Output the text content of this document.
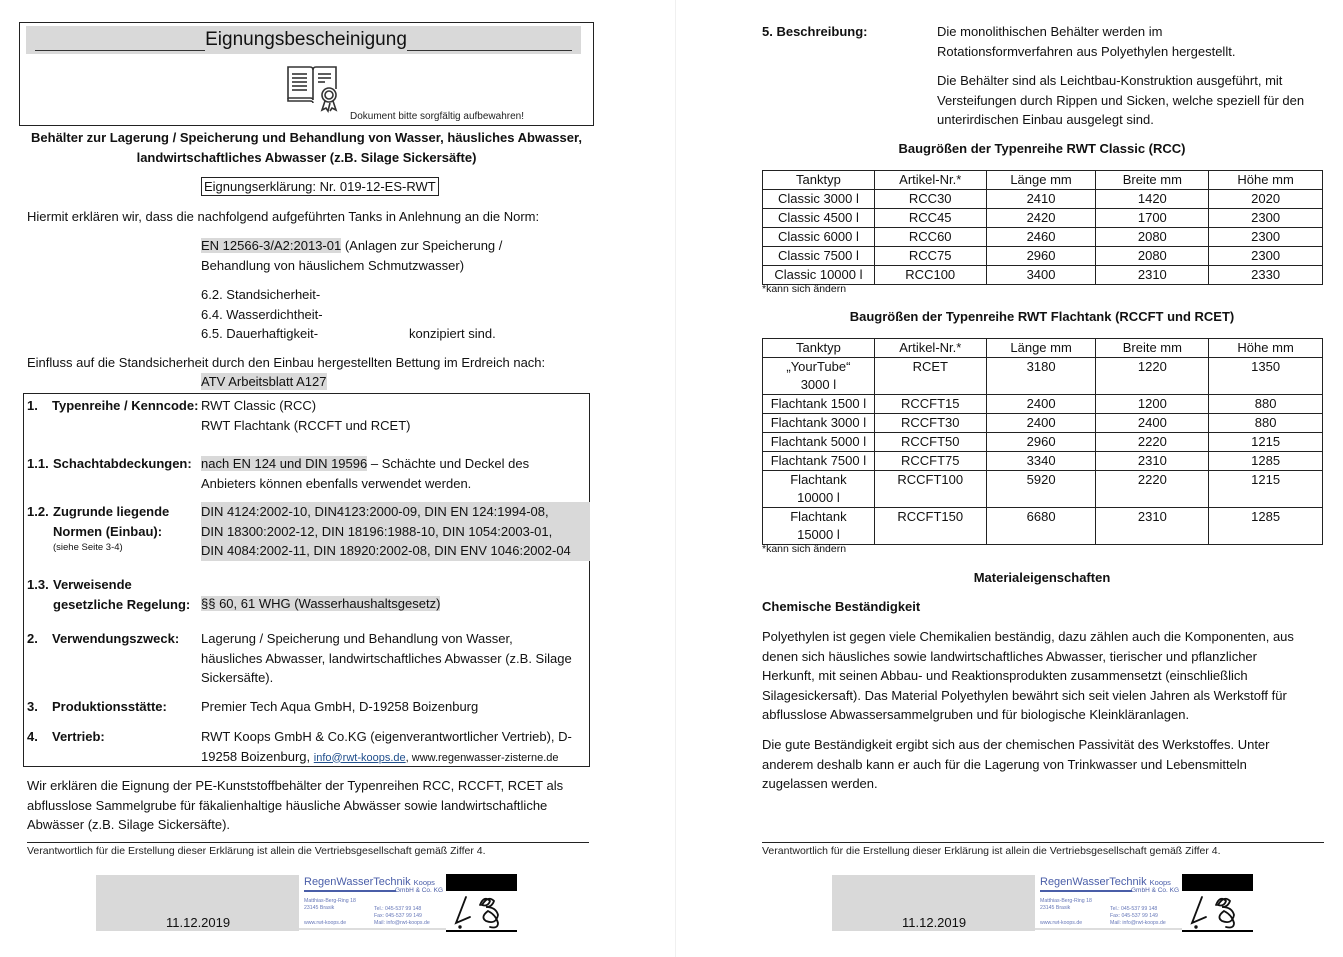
Eignungsbescheinigung
Dokument bitte sorgfältig aufbewahren!
Behälter zur Lagerung / Speicherung und Behandlung von Wasser, häusliches Abwasser,
landwirtschaftliches Abwasser (z.B. Silage Sickersäfte)
Eignungserklärung: Nr. 019-12-ES-RWT
Hiermit erklären wir, dass die nachfolgend aufgeführten Tanks in Anlehnung an die Norm:
EN 12566-3/A2:2013-01 (Anlagen zur Speicherung /
Behandlung von häuslichem Schmutzwasser)
6.2. Standsicherheit-
6.4. Wasserdichtheit-
6.5. Dauerhaftigkeit-	konzipiert sind.
Einfluss auf die Standsicherheit durch den Einbau hergestellten Bettung im Erdreich nach:
ATV Arbeitsblatt A127
1. Typenreihe / Kenncode: RWT Classic (RCC)
RWT Flachtank (RCCFT und RCET)
1.1. Schachtabdeckungen: nach EN 124 und DIN 19596 – Schächte und Deckel des
Anbieters können ebenfalls verwendet werden.
1.2. Zugrunde liegende
Normen (Einbau):
(siehe Seite 3-4)
DIN 4124:2002-10, DIN4123:2000-09, DIN EN 124:1994-08,
DIN 18300:2002-12, DIN 18196:1988-10, DIN 1054:2003-01,
DIN 4084:2002-11, DIN 18920:2002-08, DIN ENV 1046:2002-04
1.3. Verweisende
gesetzliche Regelung: §§ 60, 61 WHG (Wasserhaushaltsgesetz)
2. Verwendungszweck: Lagerung / Speicherung und Behandlung von Wasser,
häusliches Abwasser, landwirtschaftliches Abwasser (z.B. Silage
Sickersäfte).
3. Produktionsstätte:	Premier Tech Aqua GmbH, D-19258 Boizenburg
4. Vertrieb:	RWT Koops GmbH & Co.KG (eigenverantwortlicher Vertrieb), D-
19258 Boizenburg, info@rwt-koops.de, www.regenwasser-zisterne.de
Wir erklären die Eignung der PE-Kunststoffbehälter der Typenreihen RCC, RCCFT, RCET als
abflusslose Sammelgrube für fäkalienhaltige häusliche Abwässer sowie landwirtschaftliche
Abwässer (z.B. Silage Sickersäfte).
Verantwortlich für die Erstellung dieser Erklärung ist allein die Vertriebsgesellschaft gemäß Ziffer 4.
11.12.2019
RegenWasserTechnik Koops
GmbH & Co. KG
Matthias-Berg-Ring 18
23145 Brasik
www.rwt-koops.de
Tel.: 045-537 99 148
Fax: 045-537 99 149
Mail: info@rwt-koops.de
5. Beschreibung:	Die monolithischen Behälter werden im
Rotationsformverfahren aus Polyethylen hergestellt.
Die Behälter sind als Leichtbau-Konstruktion ausgeführt, mit
Versteifungen durch Rippen und Sicken, welche speziell für den
unterirdischen Einbau ausgelegt sind.
Baugrößen der Typenreihe RWT Classic (RCC)
Tanktyp	Artikel-Nr.*	Länge mm	Breite mm	Höhe mm
Classic 3000 l	RCC30	2410	1420	2020
Classic 4500 l	RCC45	2420	1700	2300
Classic 6000 l	RCC60	2460	2080	2300
Classic 7500 l	RCC75	2960	2080	2300
Classic 10000 l	RCC100	3400	2310	2330
*kann sich ändern
Baugrößen der Typenreihe RWT Flachtank (RCCFT und RCET)
Tanktyp	Artikel-Nr.*	Länge mm	Breite mm	Höhe mm

„YourTube“
3000 l	RCET	3180	1220	1350
Flachtank 1500 l	RCCFT15	2400	1200	880
Flachtank 3000 l	RCCFT30	2400	2400	880
Flachtank 5000 l	RCCFT50	2960	2220	1215
Flachtank 7500 l	RCCFT75	3340	2310	1285

Flachtank
10000 l	RCCFT100	5920	2220	1215

Flachtank
15000 l	RCCFT150	6680	2310	1285
*kann sich ändern
Materialeigenschaften
Chemische Beständigkeit
Polyethylen ist gegen viele Chemikalien beständig, dazu zählen auch die Komponenten, aus
denen sich häusliches sowie landwirtschaftliches Abwasser, tierischer und pflanzlicher
Herkunft, mit seinen Abbau- und Reaktionsprodukten zusammensetzt (einschließlich
Silagesickersaft). Das Material Polyethylen bewährt sich seit vielen Jahren als Werkstoff für
abflusslose Abwassersammelgruben und für biologische Kleinkläranlagen.
Die gute Beständigkeit ergibt sich aus der chemischen Passivität des Werkstoffes. Unter
anderem deshalb kann er auch für die Lagerung von Trinkwasser und Lebensmitteln
zugelassen werden.
Verantwortlich für die Erstellung dieser Erklärung ist allein die Vertriebsgesellschaft gemäß Ziffer 4.
11.12.2019
RegenWasserTechnik Koops
GmbH & Co. KG
Matthias-Berg-Ring 18
23145 Brasik
www.rwt-koops.de
Tel.: 045-537 99 148
Fax: 045-537 99 149
Mail: info@rwt-koops.de
